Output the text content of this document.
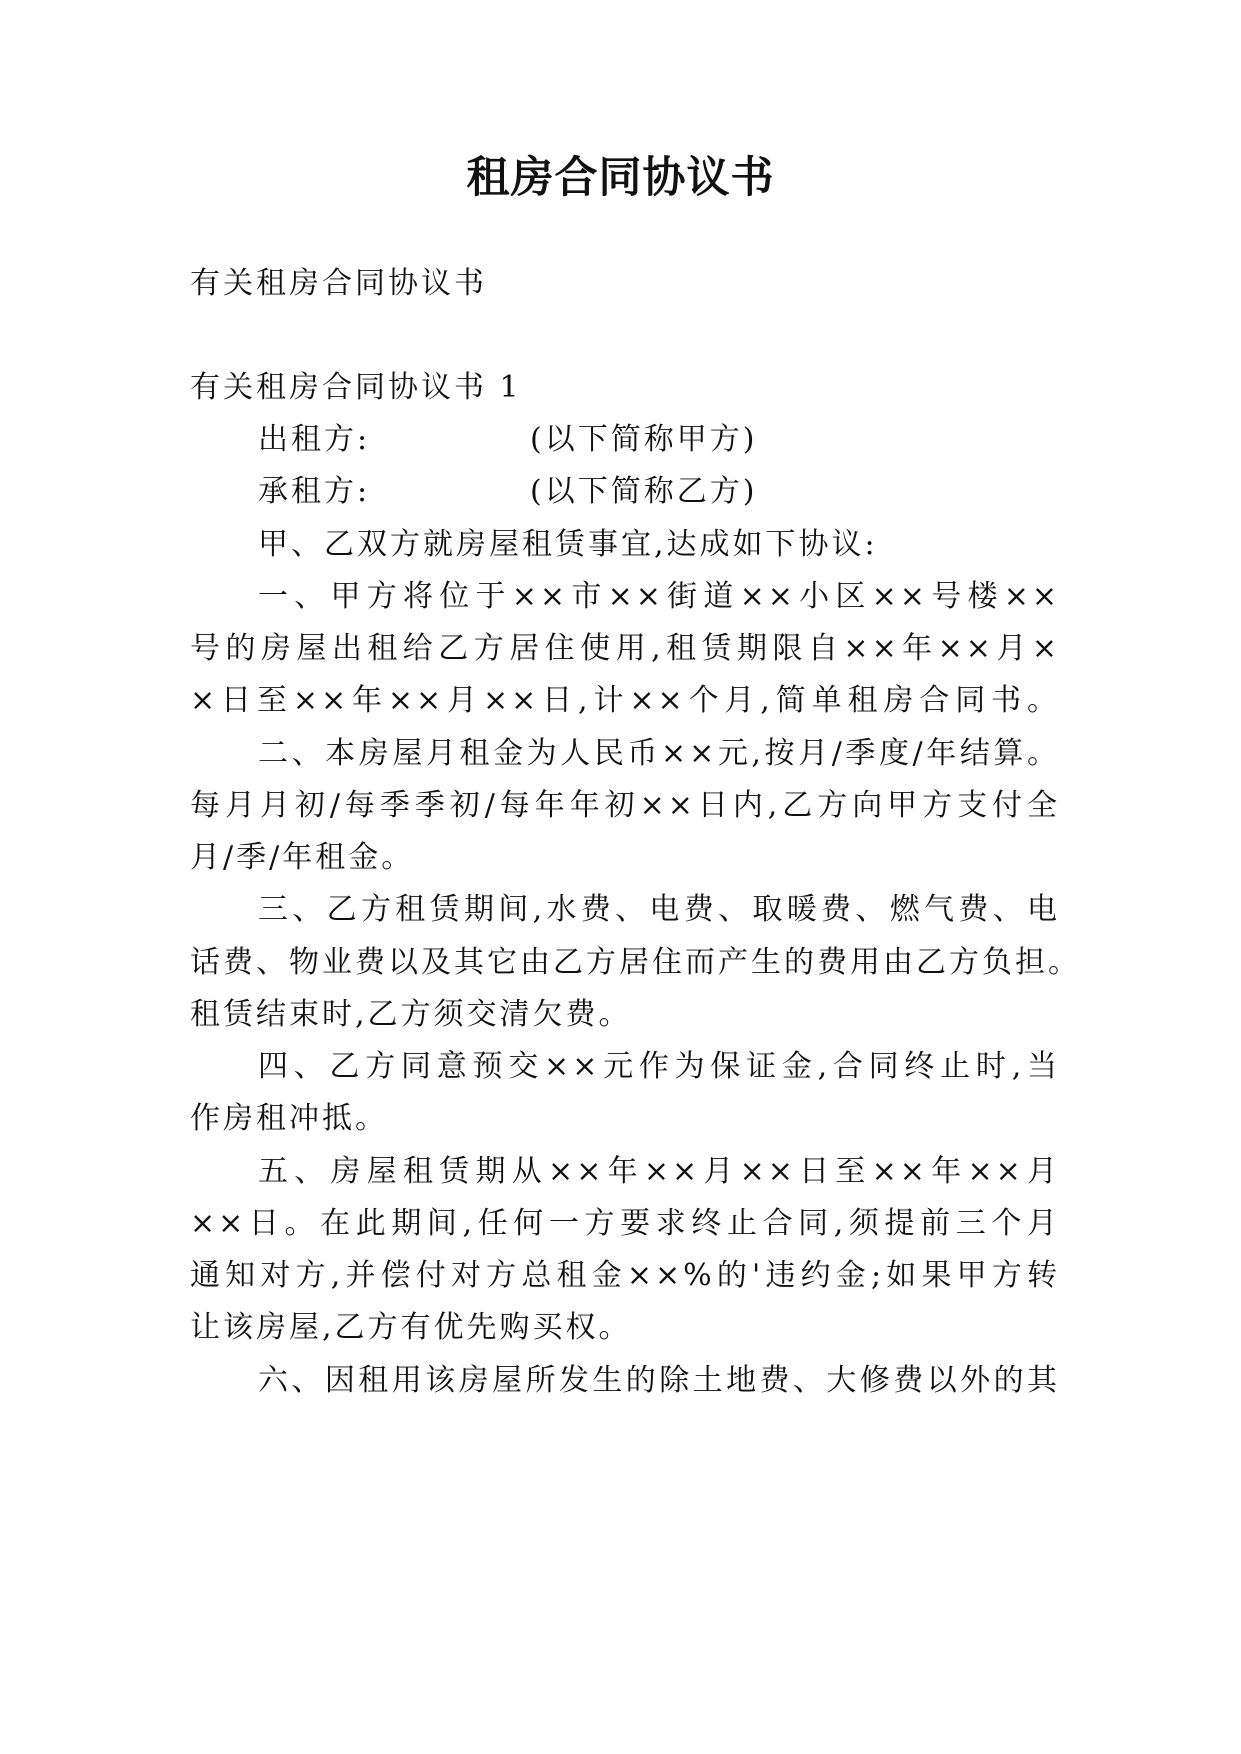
租房合同协议书
有关租房合同协议书
有关租房合同协议书 1
出租方:	(以下简称甲方)
承租方:	(以下简称乙方)
甲、乙双方就房屋租赁事宜,达成如下协议:
一、甲方将位于××市××街道××小区××号楼××
号的房屋出租给乙方居住使用,租赁期限自××年××月×
×日至××年××月××日,计××个月,简单租房合同书。
二、本房屋月租金为人民币××元,按月/季度/年结算。
每月月初/每季季初/每年年初××日内,乙方向甲方支付全
月/季/年租金。
三、乙方租赁期间,水费、电费、取暖费、燃气费、电
话费、物业费以及其它由乙方居住而产生的费用由乙方负担。
租赁结束时,乙方须交清欠费。
四、乙方同意预交××元作为保证金,合同终止时,当
作房租冲抵。
五、房屋租赁期从××年××月××日至××年××月
××日。在此期间,任何一方要求终止合同,须提前三个月
通知对方,并偿付对方总租金××%的'违约金;如果甲方转
让该房屋,乙方有优先购买权。
六、因租用该房屋所发生的除土地费、大修费以外的其
